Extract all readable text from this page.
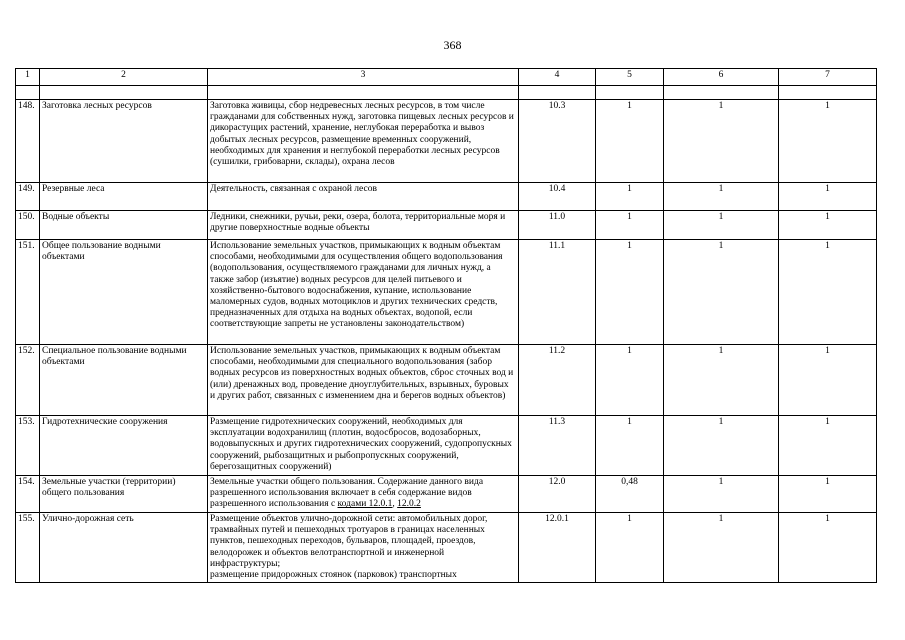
368
1	2	3	4	5	6	7

148.	Заготовка лесных ресурсов	Заготовка живицы, сбор недревесных лесных ресурсов, в том числе гражданами для собственных нужд, заготовка пищевых лесных ресурсов и дикорастущих растений, хранение, неглубокая переработка и вывоз добытых лесных ресурсов, размещение временных сооружений, необходимых для хранения и неглубокой переработки лесных ресурсов (сушилки, грибоварни, склады), охрана лесов	10.3	1	1	1
149.	Резервные леса	Деятельность, связанная с охраной лесов	10.4	1	1	1
150.	Водные объекты	Ледники, снежники, ручьи, реки, озера, болота, территориальные моря и другие поверхностные водные объекты	11.0	1	1	1
151.	Общее пользование водными объектами	Использование земельных участков, примыкающих к водным объектам способами, необходимыми для осуществления общего водопользования (водопользования, осуществляемого гражданами для личных нужд, а также забор (изъятие) водных ресурсов для целей питьевого и хозяйственно-бытового водоснабжения, купание, использование маломерных судов, водных мотоциклов и других технических средств, предназначенных для отдыха на водных объектах, водопой, если соответствующие запреты не установлены законодательством)	11.1	1	1	1
152.	Специальное пользование водными объектами	Использование земельных участков, примыкающих к водным объектам способами, необходимыми для специального водопользования (забор водных ресурсов из поверхностных водных объектов, сброс сточных вод и (или) дренажных вод, проведение дноуглубительных, взрывных, буровых и других работ, связанных с изменением дна и берегов водных объектов)	11.2	1	1	1
153.	Гидротехнические сооружения	Размещение гидротехнических сооружений, необходимых для эксплуатации водохранилищ (плотин, водосбросов, водозаборных, водовыпускных и других гидротехнических сооружений, судопропускных сооружений, рыбозащитных и рыбопропускных сооружений, берегозащитных сооружений)	11.3	1	1	1
154.	Земельные участки (территории) общего пользования	Земельные участки общего пользования. Содержание данного вида разрешенного использования включает в себя содержание видов разрешенного использования с кодами 12.0.1, 12.0.2	12.0	0,48	1	1
155.	Улично-дорожная сеть	Размещение объектов улично-дорожной сети: автомобильных дорог, трамвайных путей и пешеходных тротуаров в границах населенных пунктов, пешеходных переходов, бульваров, площадей, проездов, велодорожек и объектов велотранспортной и инженерной инфраструктуры;
размещение придорожных стоянок (парковок) транспортных	12.0.1	1	1	1
